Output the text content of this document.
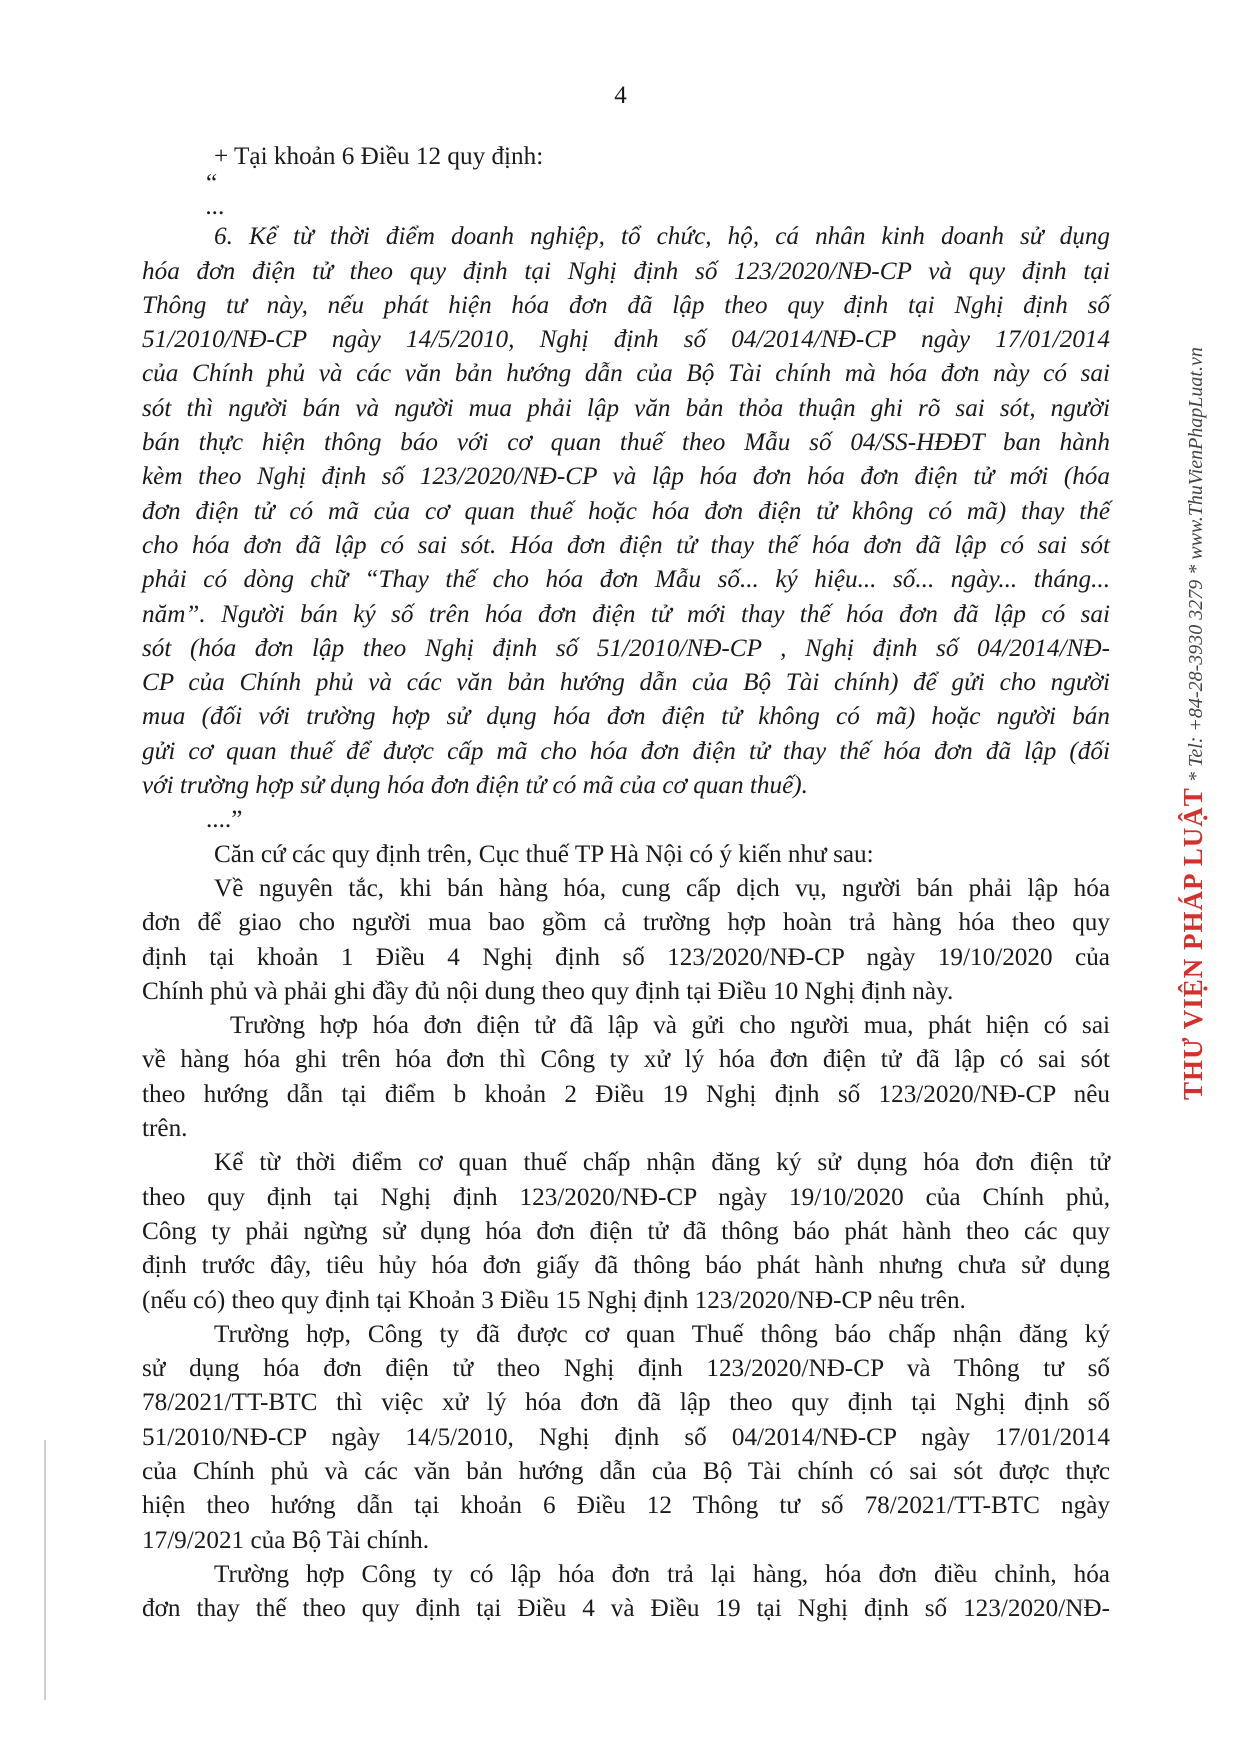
4
+ Tại khoản 6 Điều 12 quy định:
“
...
6. Kể từ thời điểm doanh nghiệp, tổ chức, hộ, cá nhân kinh doanh sử dụng
hóa đơn điện tử theo quy định tại Nghị định số 123/2020/NĐ-CP và quy định tại
Thông tư này, nếu phát hiện hóa đơn đã lập theo quy định tại Nghị định số
51/2010/NĐ-CP ngày 14/5/2010, Nghị định số 04/2014/NĐ-CP ngày 17/01/2014
của Chính phủ và các văn bản hướng dẫn của Bộ Tài chính mà hóa đơn này có sai
sót thì người bán và người mua phải lập văn bản thỏa thuận ghi rõ sai sót, người
bán thực hiện thông báo với cơ quan thuế theo Mẫu số 04/SS-HĐĐT ban hành
kèm theo Nghị định số 123/2020/NĐ-CP và lập hóa đơn hóa đơn điện tử mới (hóa
đơn điện tử có mã của cơ quan thuế hoặc hóa đơn điện tử không có mã) thay thế
cho hóa đơn đã lập có sai sót. Hóa đơn điện tử thay thế hóa đơn đã lập có sai sót
phải có dòng chữ “Thay thế cho hóa đơn Mẫu số... ký hiệu... số... ngày... tháng...
năm”. Người bán ký số trên hóa đơn điện tử mới thay thế hóa đơn đã lập có sai
sót (hóa đơn lập theo Nghị định số 51/2010/NĐ-CP , Nghị định số 04/2014/NĐ-
CP của Chính phủ và các văn bản hướng dẫn của Bộ Tài chính) để gửi cho người
mua (đối với trường hợp sử dụng hóa đơn điện tử không có mã) hoặc người bán
gửi cơ quan thuế để được cấp mã cho hóa đơn điện tử thay thế hóa đơn đã lập (đối
với trường hợp sử dụng hóa đơn điện tử có mã của cơ quan thuế).
....”
Căn cứ các quy định trên, Cục thuế TP Hà Nội có ý kiến như sau:
Về nguyên tắc, khi bán hàng hóa, cung cấp dịch vụ, người bán phải lập hóa
đơn để giao cho người mua bao gồm cả trường hợp hoàn trả hàng hóa theo quy
định tại khoản 1 Điều 4 Nghị định số 123/2020/NĐ-CP ngày 19/10/2020 của
Chính phủ và phải ghi đầy đủ nội dung theo quy định tại Điều 10 Nghị định này.
Trường hợp hóa đơn điện tử đã lập và gửi cho người mua, phát hiện có sai
về hàng hóa ghi trên hóa đơn thì Công ty xử lý hóa đơn điện tử đã lập có sai sót
theo hướng dẫn tại điểm b khoản 2 Điều 19 Nghị định số 123/2020/NĐ-CP nêu
trên.
Kể từ thời điểm cơ quan thuế chấp nhận đăng ký sử dụng hóa đơn điện tử
theo quy định tại Nghị định 123/2020/NĐ-CP ngày 19/10/2020 của Chính phủ,
Công ty phải ngừng sử dụng hóa đơn điện tử đã thông báo phát hành theo các quy
định trước đây, tiêu hủy hóa đơn giấy đã thông báo phát hành nhưng chưa sử dụng
(nếu có) theo quy định tại Khoản 3 Điều 15 Nghị định 123/2020/NĐ-CP nêu trên.
Trường hợp, Công ty đã được cơ quan Thuế thông báo chấp nhận đăng ký
sử dụng hóa đơn điện tử theo Nghị định 123/2020/NĐ-CP và Thông tư số
78/2021/TT-BTC thì việc xử lý hóa đơn đã lập theo quy định tại Nghị định số
51/2010/NĐ-CP ngày 14/5/2010, Nghị định số 04/2014/NĐ-CP ngày 17/01/2014
của Chính phủ và các văn bản hướng dẫn của Bộ Tài chính có sai sót được thực
hiện theo hướng dẫn tại khoản 6 Điều 12 Thông tư số 78/2021/TT-BTC ngày
17/9/2021 của Bộ Tài chính.
Trường hợp Công ty có lập hóa đơn trả lại hàng, hóa đơn điều chỉnh, hóa
đơn thay thế theo quy định tại Điều 4 và Điều 19 tại Nghị định số 123/2020/NĐ-
THƯ VIỆN PHÁP LUẬT * Tel: +84-28-3930 3279 * www.ThuVienPhapLuat.vn
